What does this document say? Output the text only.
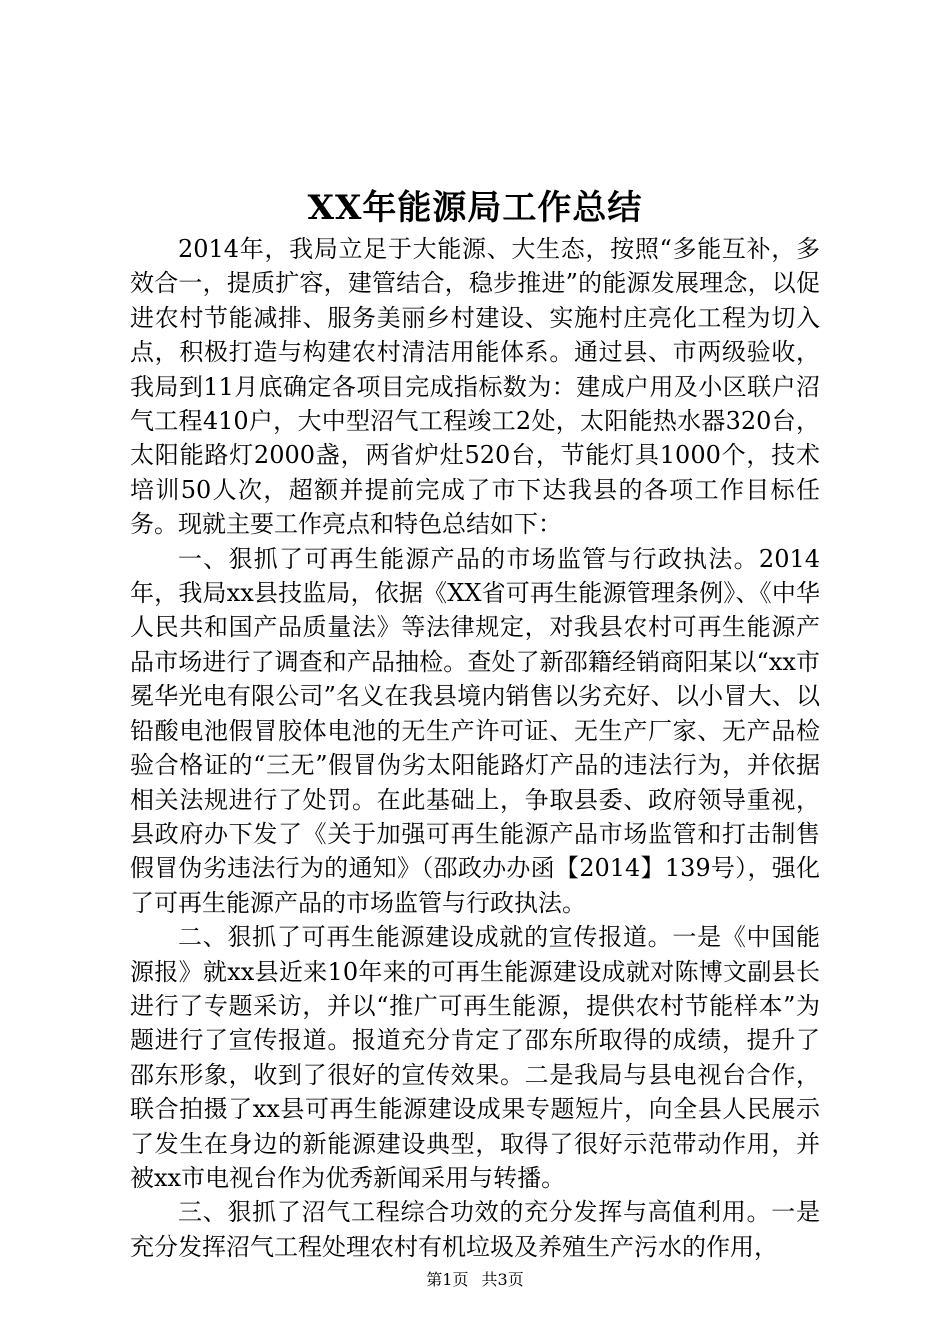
XX年能源局工作总结

2014年，我局立足于大能源、大生态，按照“多能互补，多效合一，提质扩容，建管结合，稳步推进”的能源发展理念，以促进农村节能减排、服务美丽乡村建设、实施村庄亮化工程为切入点，积极打造与构建农村清洁用能体系。通过县、市两级验收，我局到11月底确定各项目完成指标数为：建成户用及小区联户沼气工程410户，大中型沼气工程竣工2处，太阳能热水器320台，太阳能路灯2000盏，两省炉灶520台，节能灯具1000个，技术培训50人次，超额并提前完成了市下达我县的各项工作目标任务。现就主要工作亮点和特色总结如下：

一、狠抓了可再生能源产品的市场监管与行政执法。2014年，我局xx县技监局，依据《XX省可再生能源管理条例》、《中华人民共和国产品质量法》等法律规定，对我县农村可再生能源产品市场进行了调查和产品抽检。查处了新邵籍经销商阳某以“xx市冕华光电有限公司”名义在我县境内销售以劣充好、以小冒大、以铅酸电池假冒胶体电池的无生产许可证、无生产厂家、无产品检验合格证的“三无”假冒伪劣太阳能路灯产品的违法行为，并依据相关法规进行了处罚。在此基础上，争取县委、政府领导重视，县政府办下发了《关于加强可再生能源产品市场监管和打击制售假冒伪劣违法行为的通知》（邵政办办函【2014】139号），强化了可再生能源产品的市场监管与行政执法。

二、狠抓了可再生能源建设成就的宣传报道。一是《中国能源报》就xx县近来10年来的可再生能源建设成就对陈博文副县长进行了专题采访，并以“推广可再生能源，提供农村节能样本”为题进行了宣传报道。报道充分肯定了邵东所取得的成绩，提升了邵东形象，收到了很好的宣传效果。二是我局与县电视台合作，联合拍摄了xx县可再生能源建设成果专题短片，向全县人民展示了发生在身边的新能源建设典型，取得了很好示范带动作用，并被xx市电视台作为优秀新闻采用与转播。

三、狠抓了沼气工程综合功效的充分发挥与高值利用。一是充分发挥沼气工程处理农村有机垃圾及养殖生产污水的作用，

第1页 共3页
